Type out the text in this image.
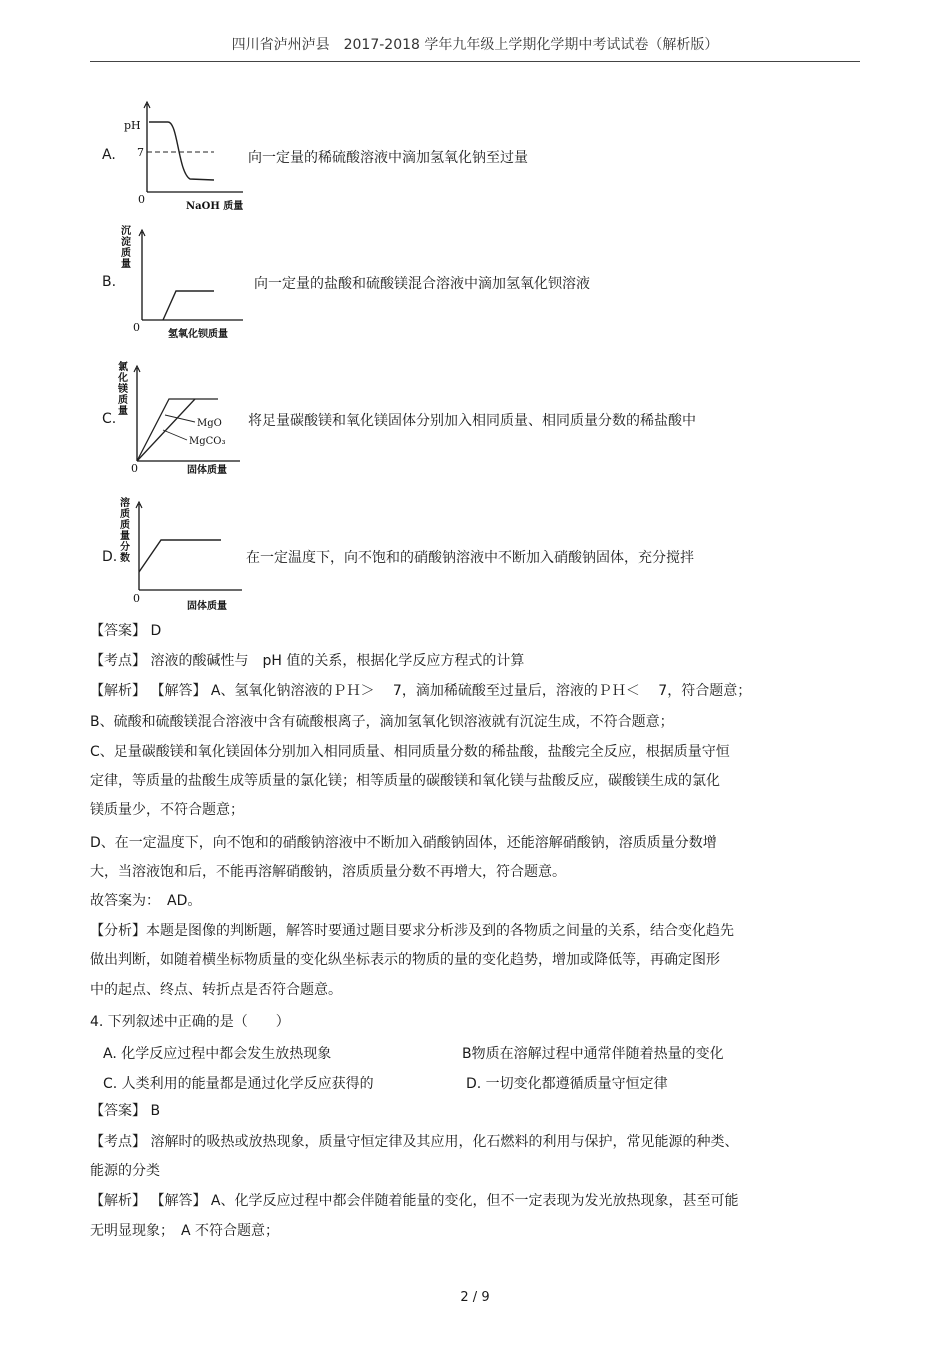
四川省泸州泸县　2017-2018 学年九年级上学期化学期中考试试卷（解析版）
A.
pH
7
0
NaOH 质量
向一定量的稀硫酸溶液中滴加氢氧化钠至过量
B.
沉淀质量
0
氢氧化钡质量
向一定量的盐酸和硫酸镁混合溶液中滴加氢氧化钡溶液
C.
氯化镁质量
MgO
MgCO₃
0	固体质量
将足量碳酸镁和氧化镁固体分别加入相同质量、相同质量分数的稀盐酸中
D.
溶质质量分数
0
固体质量
在一定温度下，向不饱和的硝酸钠溶液中不断加入硝酸钠固体，充分搅拌
【答案】 D
【考点】 溶液的酸碱性与　pH 值的关系，根据化学反应方程式的计算
【解析】 【解答】 A、氢氧化钠溶液的ＰＨ＞　 7，滴加稀硫酸至过量后，溶液的ＰＨ＜　 7，符合题意；
B、硫酸和硫酸镁混合溶液中含有硫酸根离子，滴加氢氧化钡溶液就有沉淀生成，不符合题意；
C、足量碳酸镁和氧化镁固体分别加入相同质量、相同质量分数的稀盐酸，盐酸完全反应，根据质量守恒
定律，等质量的盐酸生成等质量的氯化镁；相等质量的碳酸镁和氧化镁与盐酸反应，碳酸镁生成的氯化
镁质量少，不符合题意；
D、在一定温度下，向不饱和的硝酸钠溶液中不断加入硝酸钠固体，还能溶解硝酸钠，溶质质量分数增
大，当溶液饱和后，不能再溶解硝酸钠，溶质质量分数不再增大，符合题意。
故答案为：　AD。
【分析】本题是图像的判断题，解答时要通过题目要求分析涉及到的各物质之间量的关系，结合变化趋先
做出判断，如随着横坐标物质量的变化纵坐标表示的物质的量的变化趋势，增加或降低等，再确定图形
中的起点、终点、转折点是否符合题意。
4. 下列叙述中正确的是（　　）
A. 化学反应过程中都会发生放热现象	B物质在溶解过程中通常伴随着热量的变化
C. 人类利用的能量都是通过化学反应获得的	D. 一切变化都遵循质量守恒定律
【答案】 B
【考点】 溶解时的吸热或放热现象，质量守恒定律及其应用，化石燃料的利用与保护，常见能源的种类、
能源的分类
【解析】 【解答】 A、化学反应过程中都会伴随着能量的变化，但不一定表现为发光放热现象，甚至可能
无明显现象；　A 不符合题意；
2 / 9
